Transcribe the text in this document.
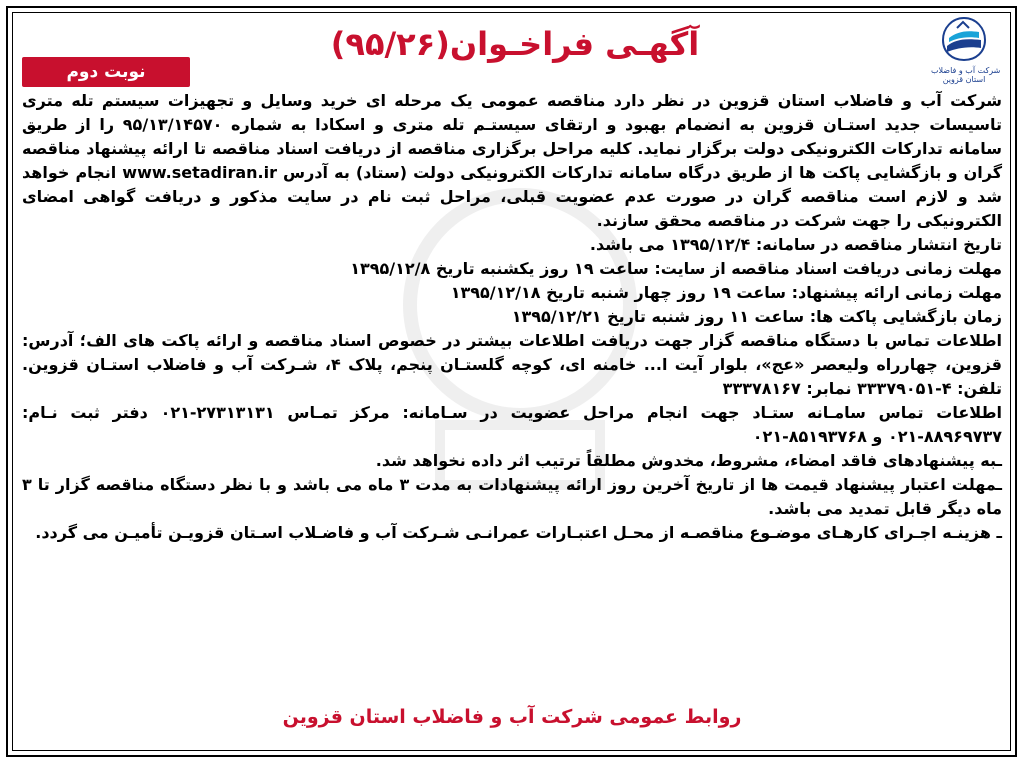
شرکت آب و فاضلاب
استان قزوین
آگهـی فراخـوان(۹۵/۲۶)
نوبت دوم

شرکت آب و فاضلاب استان قزوین در نظر دارد مناقصه عمومی یک مرحله ای خرید وسایل و تجهیزات سیستم تله متری تاسیسات جدید استـان قزوین به انضمام بهبود و ارتقای سیستـم تله متری و اسکادا به شماره ۹۵/۱۳/۱۴۵۷۰ را از طریق سامانه تدارکات الکترونیکی دولت برگزار نماید. کلیه مراحل برگزاری مناقصه از دریافت اسناد مناقصه تا ارائه پیشنهاد مناقصه گران و بازگشایی پاکت ها از طریق درگاه سامانه تدارکات الکترونیکی دولت (ستاد) به آدرس www.setadiran.ir انجام خواهد شد و لازم است مناقصه گران در صورت عدم عضویت قبلی، مراحل ثبت نام در سایت مذکور و دریافت گواهی امضای الکترونیکی را جهت شرکت در مناقصه محقق سازند.

تاریخ انتشار مناقصه در سامانه: ۱۳۹۵/۱۲/۴ می باشد.

مهلت زمانی دریافت اسناد مناقصه از سایت: ساعت ۱۹ روز یکشنبه تاریخ ۱۳۹۵/۱۲/۸

مهلت زمانی ارائه پیشنهاد: ساعت ۱۹ روز چهار شنبه تاریخ ۱۳۹۵/۱۲/۱۸

زمان بازگشایی پاکت ها: ساعت ۱۱ روز شنبه تاریخ ۱۳۹۵/۱۲/۲۱

اطلاعات تماس با دستگاه مناقصه گزار جهت دریافت اطلاعات بیشتر در خصوص اسناد مناقصه و ارائه پاکت های الف؛ آدرس: قزوین، چهارراه ولیعصر «عج»، بلوار آیت ا... خامنه ای، کوچه گلستـان پنجم، پلاک ۴، شـرکت آب و فاضلاب استـان قزوین. تلفن: ۴-۳۳۳۷۹۰۵۱ نمابر: ۳۳۳۷۸۱۶۷

اطلاعات تماس سامـانه ستـاد جهت انجام مراحل عضویت در سـامانه: مرکز تمـاس ۲۷۳۱۳۱۳۱-۰۲۱ دفتر ثبت نـام: ۸۸۹۶۹۷۳۷-۰۲۱ و ۸۵۱۹۳۷۶۸-۰۲۱

ـبه پیشنهادهای فاقد امضاء، مشروط، مخدوش مطلقاً ترتیب اثر داده نخواهد شد.

ـمهلت اعتبار پیشنهاد قیمت ها از تاریخ آخرین روز ارائه پیشنهادات به مدت ۳ ماه می باشد و با نظر دستگاه مناقصه گزار تا ۳ ماه دیگر قابل تمدید می باشد.

ـ هزینـه اجـرای کارهـای موضـوع مناقصـه از محـل اعتبـارات عمرانـی شـرکت آب و فاضـلاب اسـتان قزویـن تأمیـن می گردد.

روابط عمومی شرکت آب و فاضلاب استان قزوین
